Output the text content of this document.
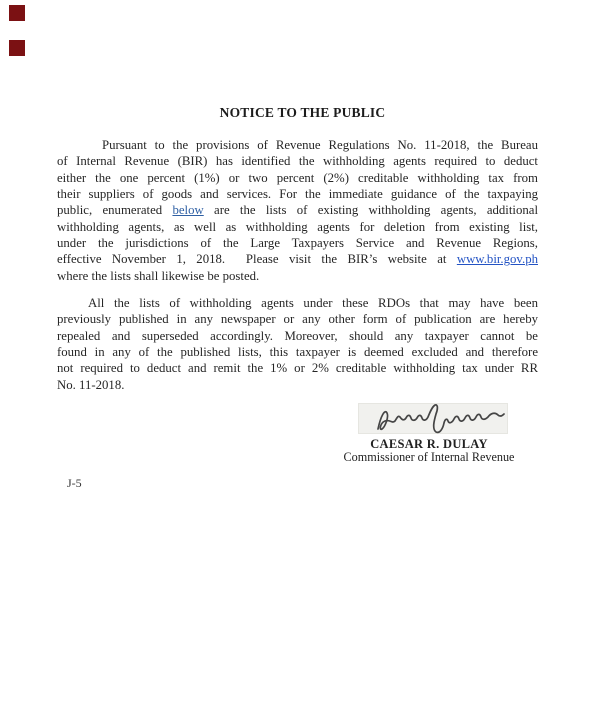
NOTICE TO THE PUBLIC
Pursuant to the provisions of Revenue Regulations No. 11-2018, the Bureau
of Internal Revenue (BIR) has identified the withholding agents required to deduct
either the one percent (1%) or two percent (2%) creditable withholding tax from
their suppliers of goods and services. For the immediate guidance of the taxpaying
public, enumerated below are the lists of existing withholding agents, additional
withholding agents, as well as withholding agents for deletion from existing list,
under the jurisdictions of the Large Taxpayers Service and Revenue Regions,
effective November 1, 2018.  Please visit the BIR’s website at www.bir.gov.ph
where the lists shall likewise be posted.
All the lists of withholding agents under these RDOs that may have been
previously published in any newspaper or any other form of publication are hereby
repealed and superseded accordingly. Moreover, should any taxpayer cannot be
found in any of the published lists, this taxpayer is deemed excluded and therefore
not required to deduct and remit the 1% or 2% creditable withholding tax under RR
No. 11-2018.
CAESAR R. DULAY
Commissioner of Internal Revenue
J-5
